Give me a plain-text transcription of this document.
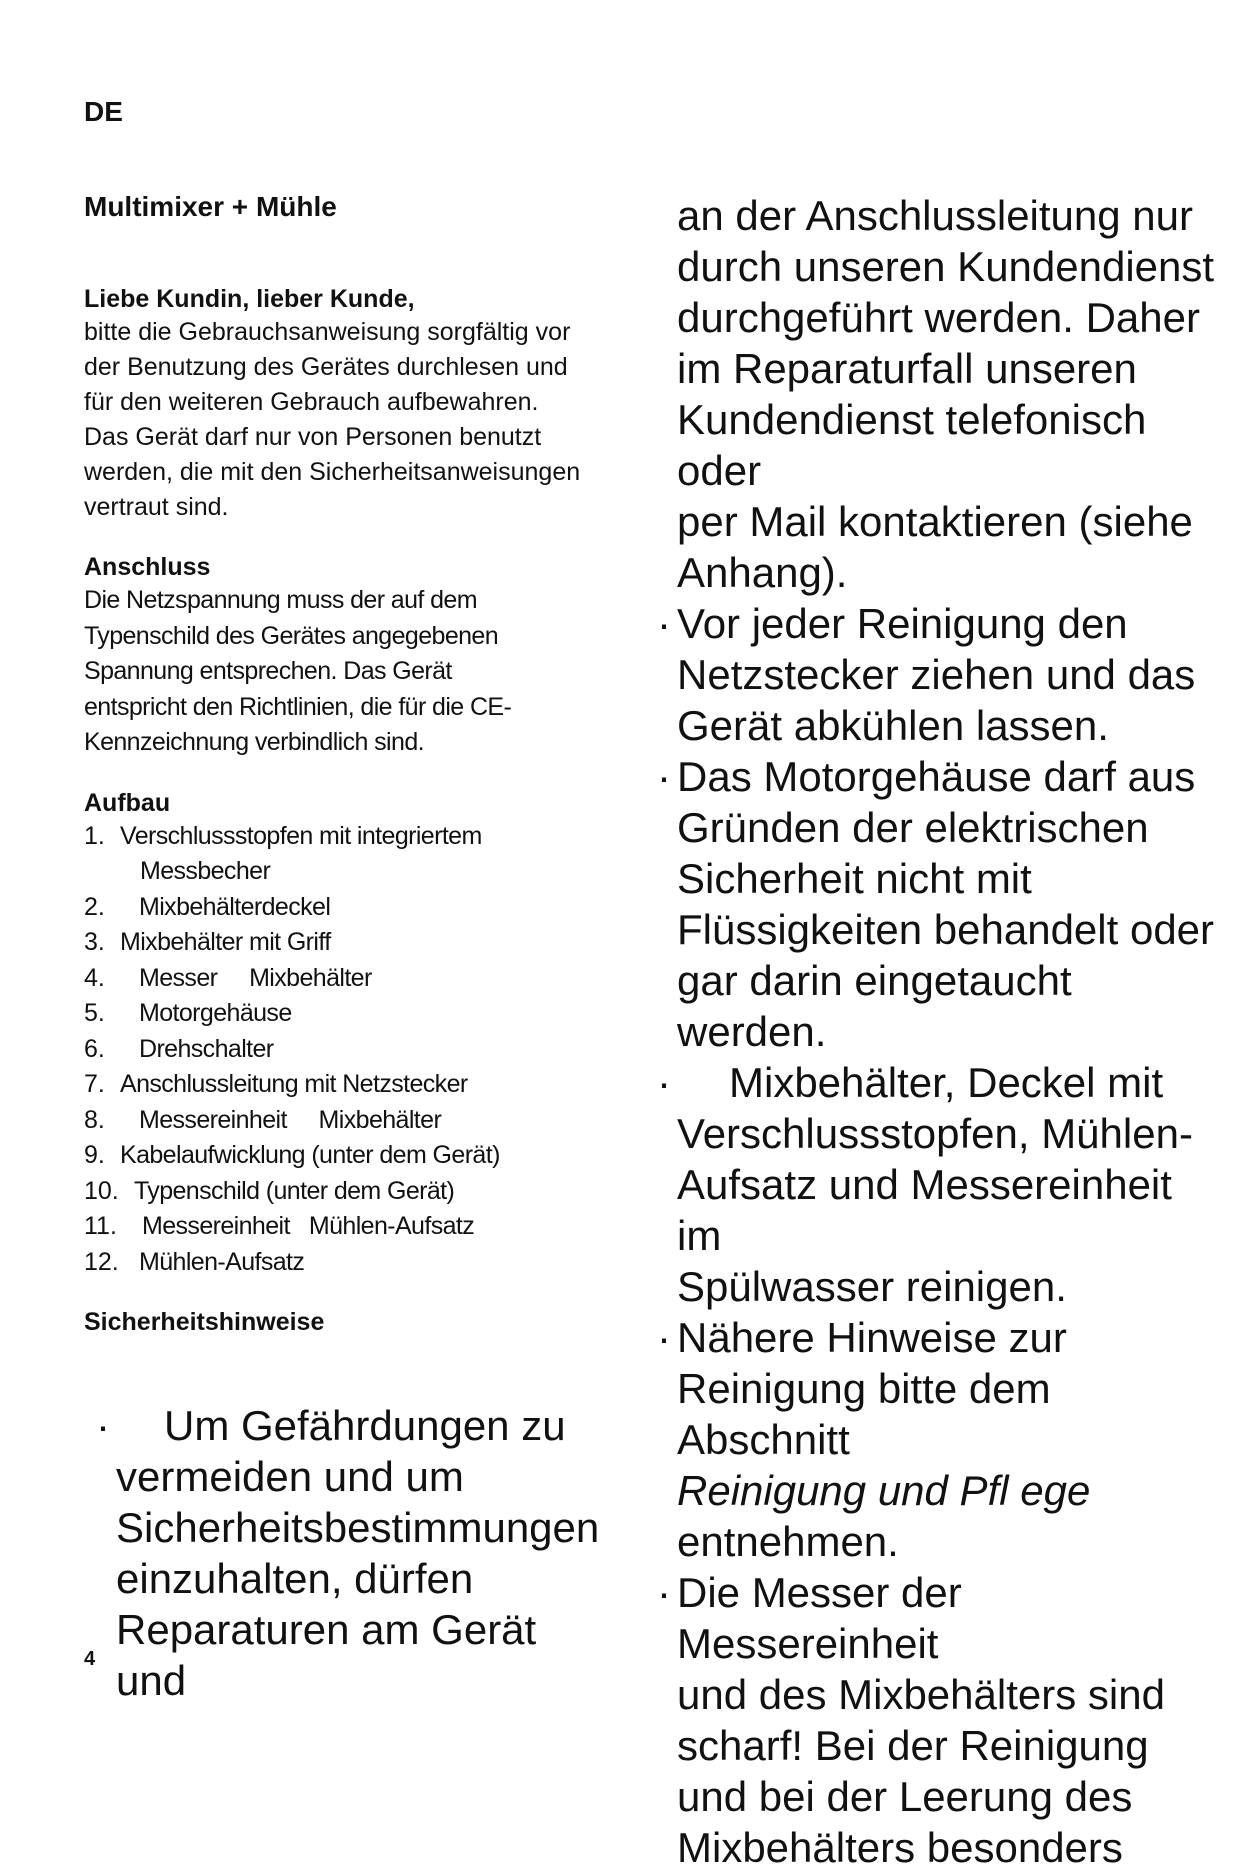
DE

Multimixer + Mühle

Liebe Kundin, lieber Kunde,

bitte die Gebrauchsanweisung sorgfältig vor

der Benutzung des Gerätes durchlesen und

für den weiteren Gebrauch aufbewahren.

Das Gerät darf nur von Personen benutzt

werden, die mit den Sicherheitsanweisungen

vertraut sind.

Anschluss

Die Netzspannung muss der auf dem

Typenschild des Gerätes angegebenen

Spannung entsprechen. Das Gerät

entspricht den Richtlinien, die für die CE-

Kennzeichnung verbindlich sind.

Aufbau
1. Verschlussstopfen mit integriertem
Messbecher
2.	Mixbehälterdeckel
3. Mixbehälter mit Griff
4.	Messer     Mixbehälter
5.	Motorgehäuse
6.	Drehschalter
7. Anschlussleitung mit Netzstecker
8.	Messereinheit     Mixbehälter
9. Kabelaufwicklung (unter dem Gerät)
10. Typenschild (unter dem Gerät)
11.	Messereinheit   Mühlen-Aufsatz
12. Mühlen-Aufsatz
Sicherheitshinweise
·	Um Gefährdungen zu
vermeiden und um
Sicherheitsbestimmungen
einzuhalten, dürfen
Reparaturen am Gerät und

an der Anschlussleitung nur

durch unseren Kundendienst

durchgeführt werden. Daher

im Reparaturfall unseren

Kundendienst telefonisch oder

per Mail kontaktieren (siehe

Anhang).

· Vor jeder Reinigung den

Netzstecker ziehen und das

Gerät abkühlen lassen.

· Das Motorgehäuse darf aus

Gründen der elektrischen

Sicherheit nicht mit

Flüssigkeiten behandelt oder

gar darin eingetaucht werden.

·	Mixbehälter, Deckel mit

Verschlussstopfen, Mühlen-

Aufsatz und Messereinheit im

Spülwasser reinigen.

· Nähere Hinweise zur

Reinigung bitte dem Abschnitt

Reinigung und Pfl ege

entnehmen.

· Die Messer der Messereinheit

und des Mixbehälters sind

scharf! Bei der Reinigung

und bei der Leerung des

Mixbehälters besonders

4
